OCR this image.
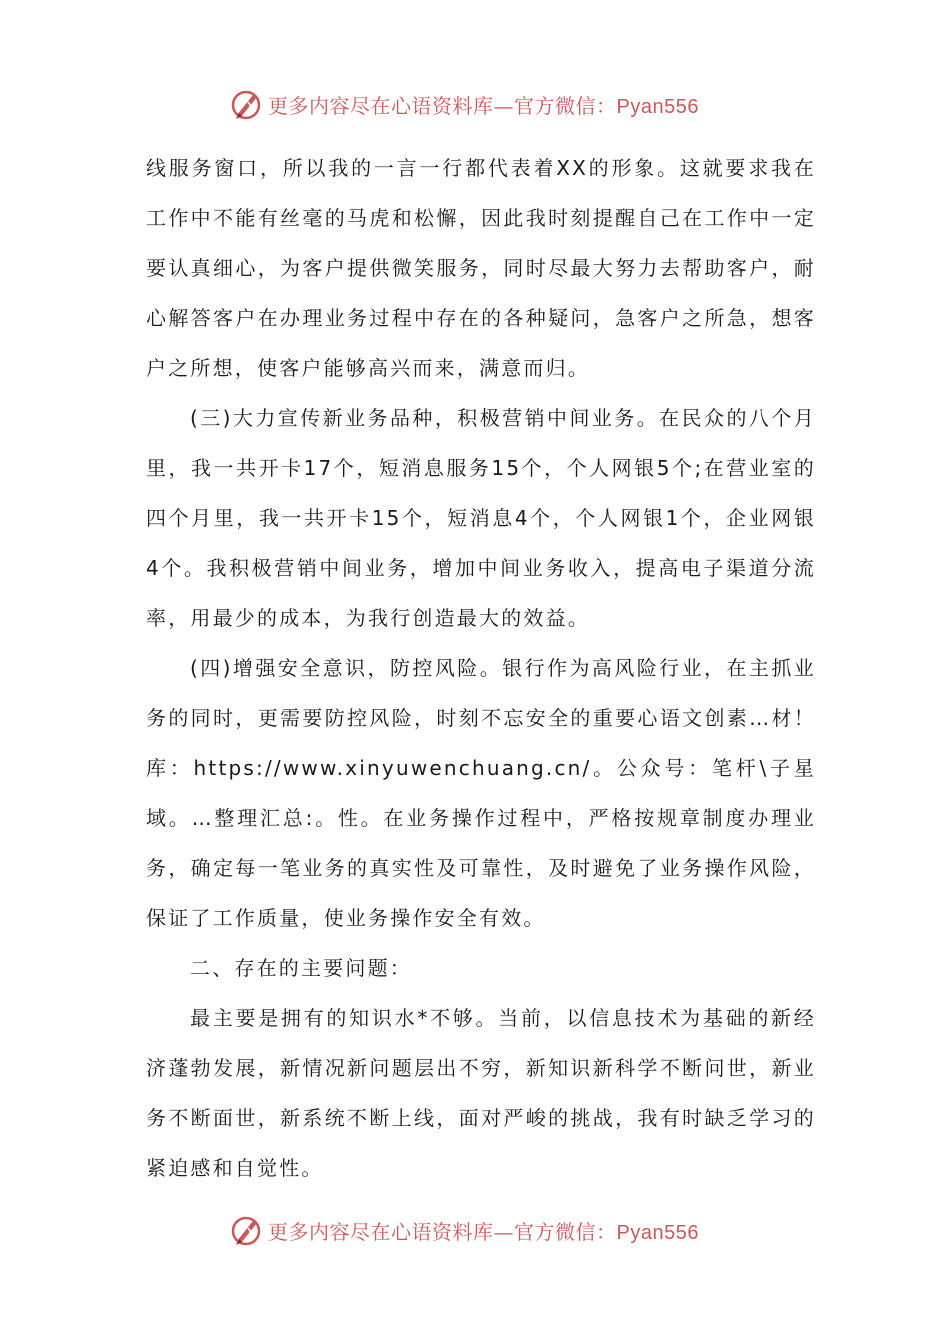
更多内容尽在心语资料库—官方微信：Pyan556

线服务窗口，所以我的一言一行都代表着XX的形象。这就要求我在工作中不能有丝毫的马虎和松懈，因此我时刻提醒自己在工作中一定要认真细心，为客户提供微笑服务，同时尽最大努力去帮助客户，耐心解答客户在办理业务过程中存在的各种疑问，急客户之所急，想客户之所想，使客户能够高兴而来，满意而归。

(三)大力宣传新业务品种，积极营销中间业务。在民众的八个月里，我一共开卡17个，短消息服务15个，个人网银5个;在营业室的四个月里，我一共开卡15个，短消息4个，个人网银1个，企业网银4个。我积极营销中间业务，增加中间业务收入，提高电子渠道分流率，用最少的成本，为我行创造最大的效益。

(四)增强安全意识，防控风险。银行作为高风险行业，在主抓业务的同时，更需要防控风险，时刻不忘安全的重要心语文创素…材！库：https://www.xinyuwenchuang.cn/。公众号：笔杆\子星域。…整理汇总:。性。在业务操作过程中，严格按规章制度办理业务，确定每一笔业务的真实性及可靠性，及时避免了业务操作风险，保证了工作质量，使业务操作安全有效。

二、存在的主要问题：

最主要是拥有的知识水*不够。当前，以信息技术为基础的新经济蓬勃发展，新情况新问题层出不穷，新知识新科学不断问世，新业务不断面世，新系统不断上线，面对严峻的挑战，我有时缺乏学习的紧迫感和自觉性。

更多内容尽在心语资料库—官方微信：Pyan556
